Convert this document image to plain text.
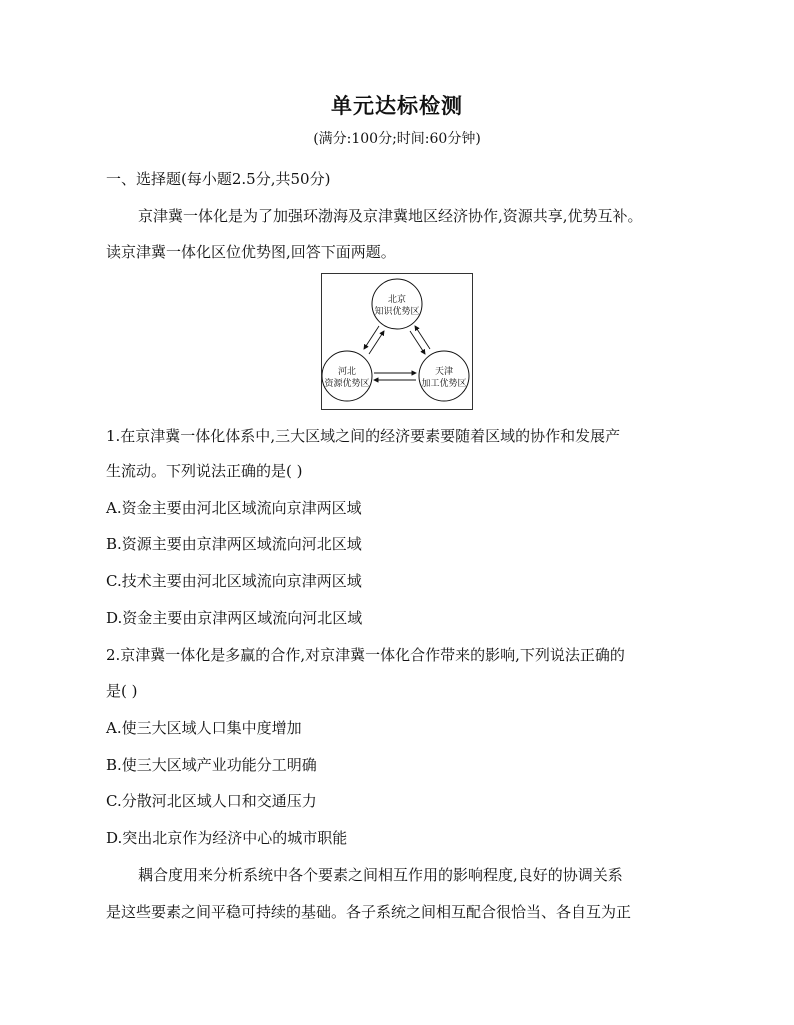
单元达标检测
(满分:100分;时间:60分钟)
一、选择题(每小题2.5分,共50分)
京津冀一体化是为了加强环渤海及京津冀地区经济协作,资源共享,优势互补。
读京津冀一体化区位优势图,回答下面两题。
北京
知识优势区
河北
资源优势区
天津
加工优势区
1.在京津冀一体化体系中,三大区域之间的经济要素要随着区域的协作和发展产
生流动。下列说法正确的是( )
A.资金主要由河北区域流向京津两区域
B.资源主要由京津两区域流向河北区域
C.技术主要由河北区域流向京津两区域
D.资金主要由京津两区域流向河北区域
2.京津冀一体化是多赢的合作,对京津冀一体化合作带来的影响,下列说法正确的
是( )
A.使三大区域人口集中度增加
B.使三大区域产业功能分工明确
C.分散河北区域人口和交通压力
D.突出北京作为经济中心的城市职能
耦合度用来分析系统中各个要素之间相互作用的影响程度,良好的协调关系
是这些要素之间平稳可持续的基础。各子系统之间相互配合很恰当、各自互为正
